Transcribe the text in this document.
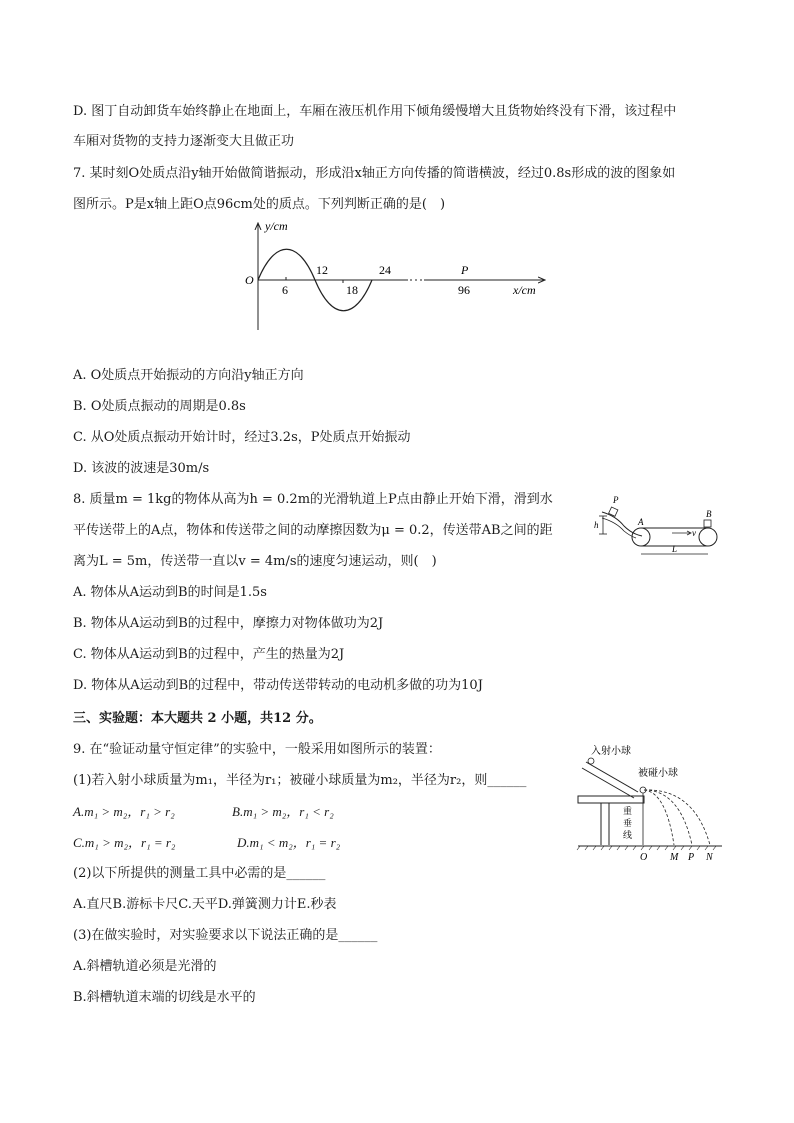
D. 图丁自动卸货车始终静止在地面上，车厢在液压机作用下倾角缓慢增大且货物始终没有下滑，该过程中
车厢对货物的支持力逐渐变大且做正功
7. 某时刻O处质点沿y轴开始做简谐振动，形成沿x轴正方向传播的简谐横波，经过0.8s形成的波的图象如
图所示。P是x轴上距O点96cm处的质点。下列判断正确的是(　)
y/cm
O
6
12
18
24	P
96	x/cm
A. O处质点开始振动的方向沿y轴正方向
B. O处质点振动的周期是0.8s
C. 从O处质点振动开始计时，经过3.2s，P处质点开始振动
D. 该波的波速是30m/s
8. 质量m = 1kg的物体从高为h = 0.2m的光滑轨道上P点由静止开始下滑，滑到水
平传送带上的A点，物体和传送带之间的动摩擦因数为μ = 0.2，传送带AB之间的距
离为L = 5m，传送带一直以v = 4m/s的速度匀速运动，则(　)
P
h	A
B
v
L
A. 物体从A运动到B的时间是1.5s
B. 物体从A运动到B的过程中，摩擦力对物体做功为2J
C. 物体从A运动到B的过程中，产生的热量为2J
D. 物体从A运动到B的过程中，带动传送带转动的电动机多做的功为10J
三、实验题：本大题共 2 小题，共12 分。
9. 在“验证动量守恒定律”的实验中，一般采用如图所示的装置：
(1)若入射小球质量为m₁，半径为r₁；被碰小球质量为m₂，半径为r₂，则______
A.m₁ > m₂，r₁ > r₂	B.m₁ > m₂，r₁ < r₂
C.m₁ > m₂，r₁ = r₂	D.m₁ < m₂，r₁ = r₂
(2)以下所提供的测量工具中必需的是______
A.直尺B.游标卡尺C.天平D.弹簧测力计E.秒表
(3)在做实验时，对实验要求以下说法正确的是______
A.斜槽轨道必须是光滑的
B.斜槽轨道末端的切线是水平的
入射小球
被碰小球
重
垂
线
O M P N
